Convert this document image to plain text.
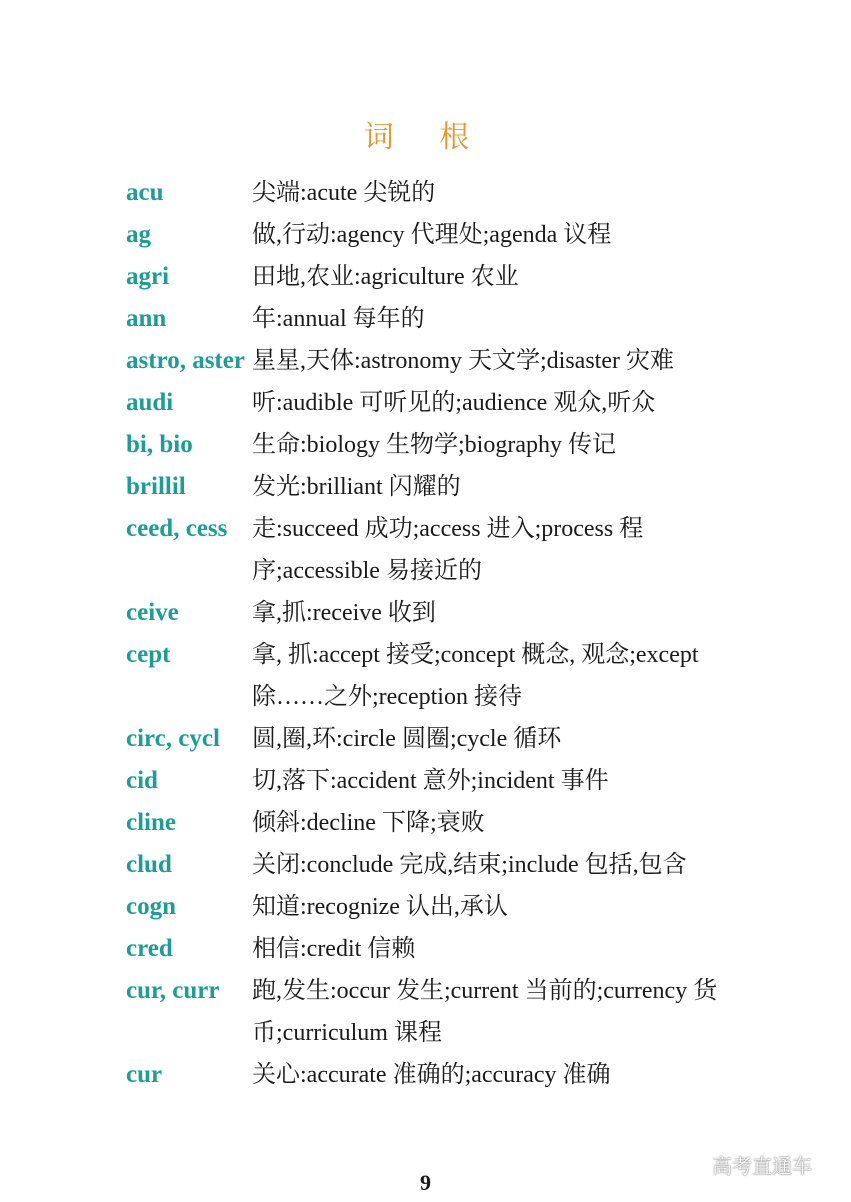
词 根
acu	尖端:acute 尖锐的
ag	做,行动:agency 代理处;agenda 议程
agri	田地,农业:agriculture 农业
ann	年:annual 每年的
astro, aster 星星,天体:astronomy 天文学;disaster 灾难
audi	听:audible 可听见的;audience 观众,听众
bi, bio	生命:biology 生物学;biography 传记
brillil	发光:brilliant 闪耀的
ceed, cess	走:succeed 成功;access 进入;process 程序;accessible 易接近的
ceive	拿,抓:receive 收到
cept	拿, 抓:accept 接受;concept 概念, 观念;except 除……之外;reception 接待
circ, cycl	圆,圈,环:circle 圆圈;cycle 循环
cid	切,落下:accident 意外;incident 事件
cline	倾斜:decline 下降;衰败
clud	关闭:conclude 完成,结束;include 包括,包含
cogn	知道:recognize 认出,承认
cred	相信:credit 信赖
cur, curr	跑,发生:occur 发生;current 当前的;currency 货币;curriculum 课程
cur	关心:accurate 准确的;accuracy 准确
9
高考直通车
